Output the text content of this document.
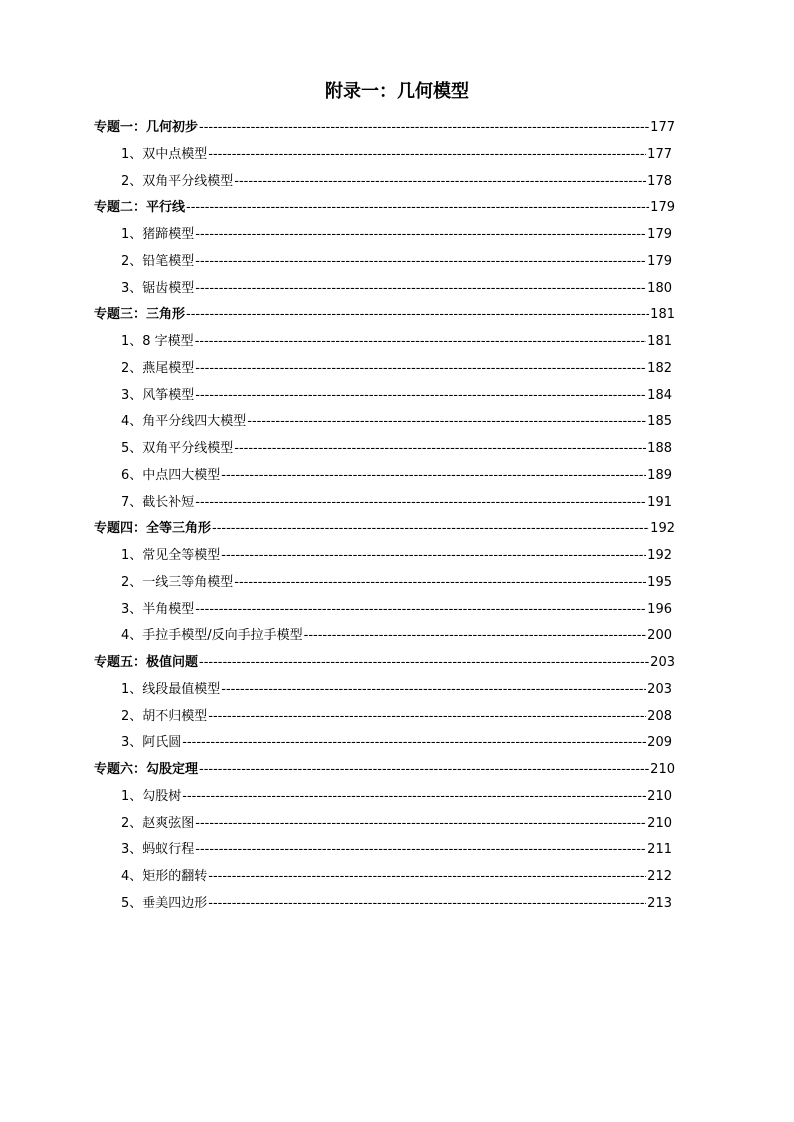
附录一：几何模型
专题一：几何初步 -----	177
1、双中点模型 -----	177
2、双角平分线模型 -----	178
专题二：平行线 -----	179
1、猪蹄模型 -----	179
2、铅笔模型 -----	179
3、锯齿模型 -----	180
专题三：三角形 -----	181
1、8 字模型 -----	181
2、燕尾模型 -----	182
3、风筝模型 -----	184
4、角平分线四大模型 -----	185
5、双角平分线模型 -----	188
6、中点四大模型 -----	189
7、截长补短 -----	191
专题四：全等三角形 -----	192
1、常见全等模型 -----	192
2、一线三等角模型 -----	195
3、半角模型 -----	196
4、手拉手模型/反向手拉手模型 -----	200
专题五：极值问题 -----	203
1、线段最值模型 -----	203
2、胡不归模型 -----	208
3、阿氏圆 -----	209
专题六：勾股定理 -----	210
1、勾股树 -----	210
2、赵爽弦图 -----	210
3、蚂蚁行程 -----	211
4、矩形的翻转 -----	212
5、垂美四边形 -----	213
